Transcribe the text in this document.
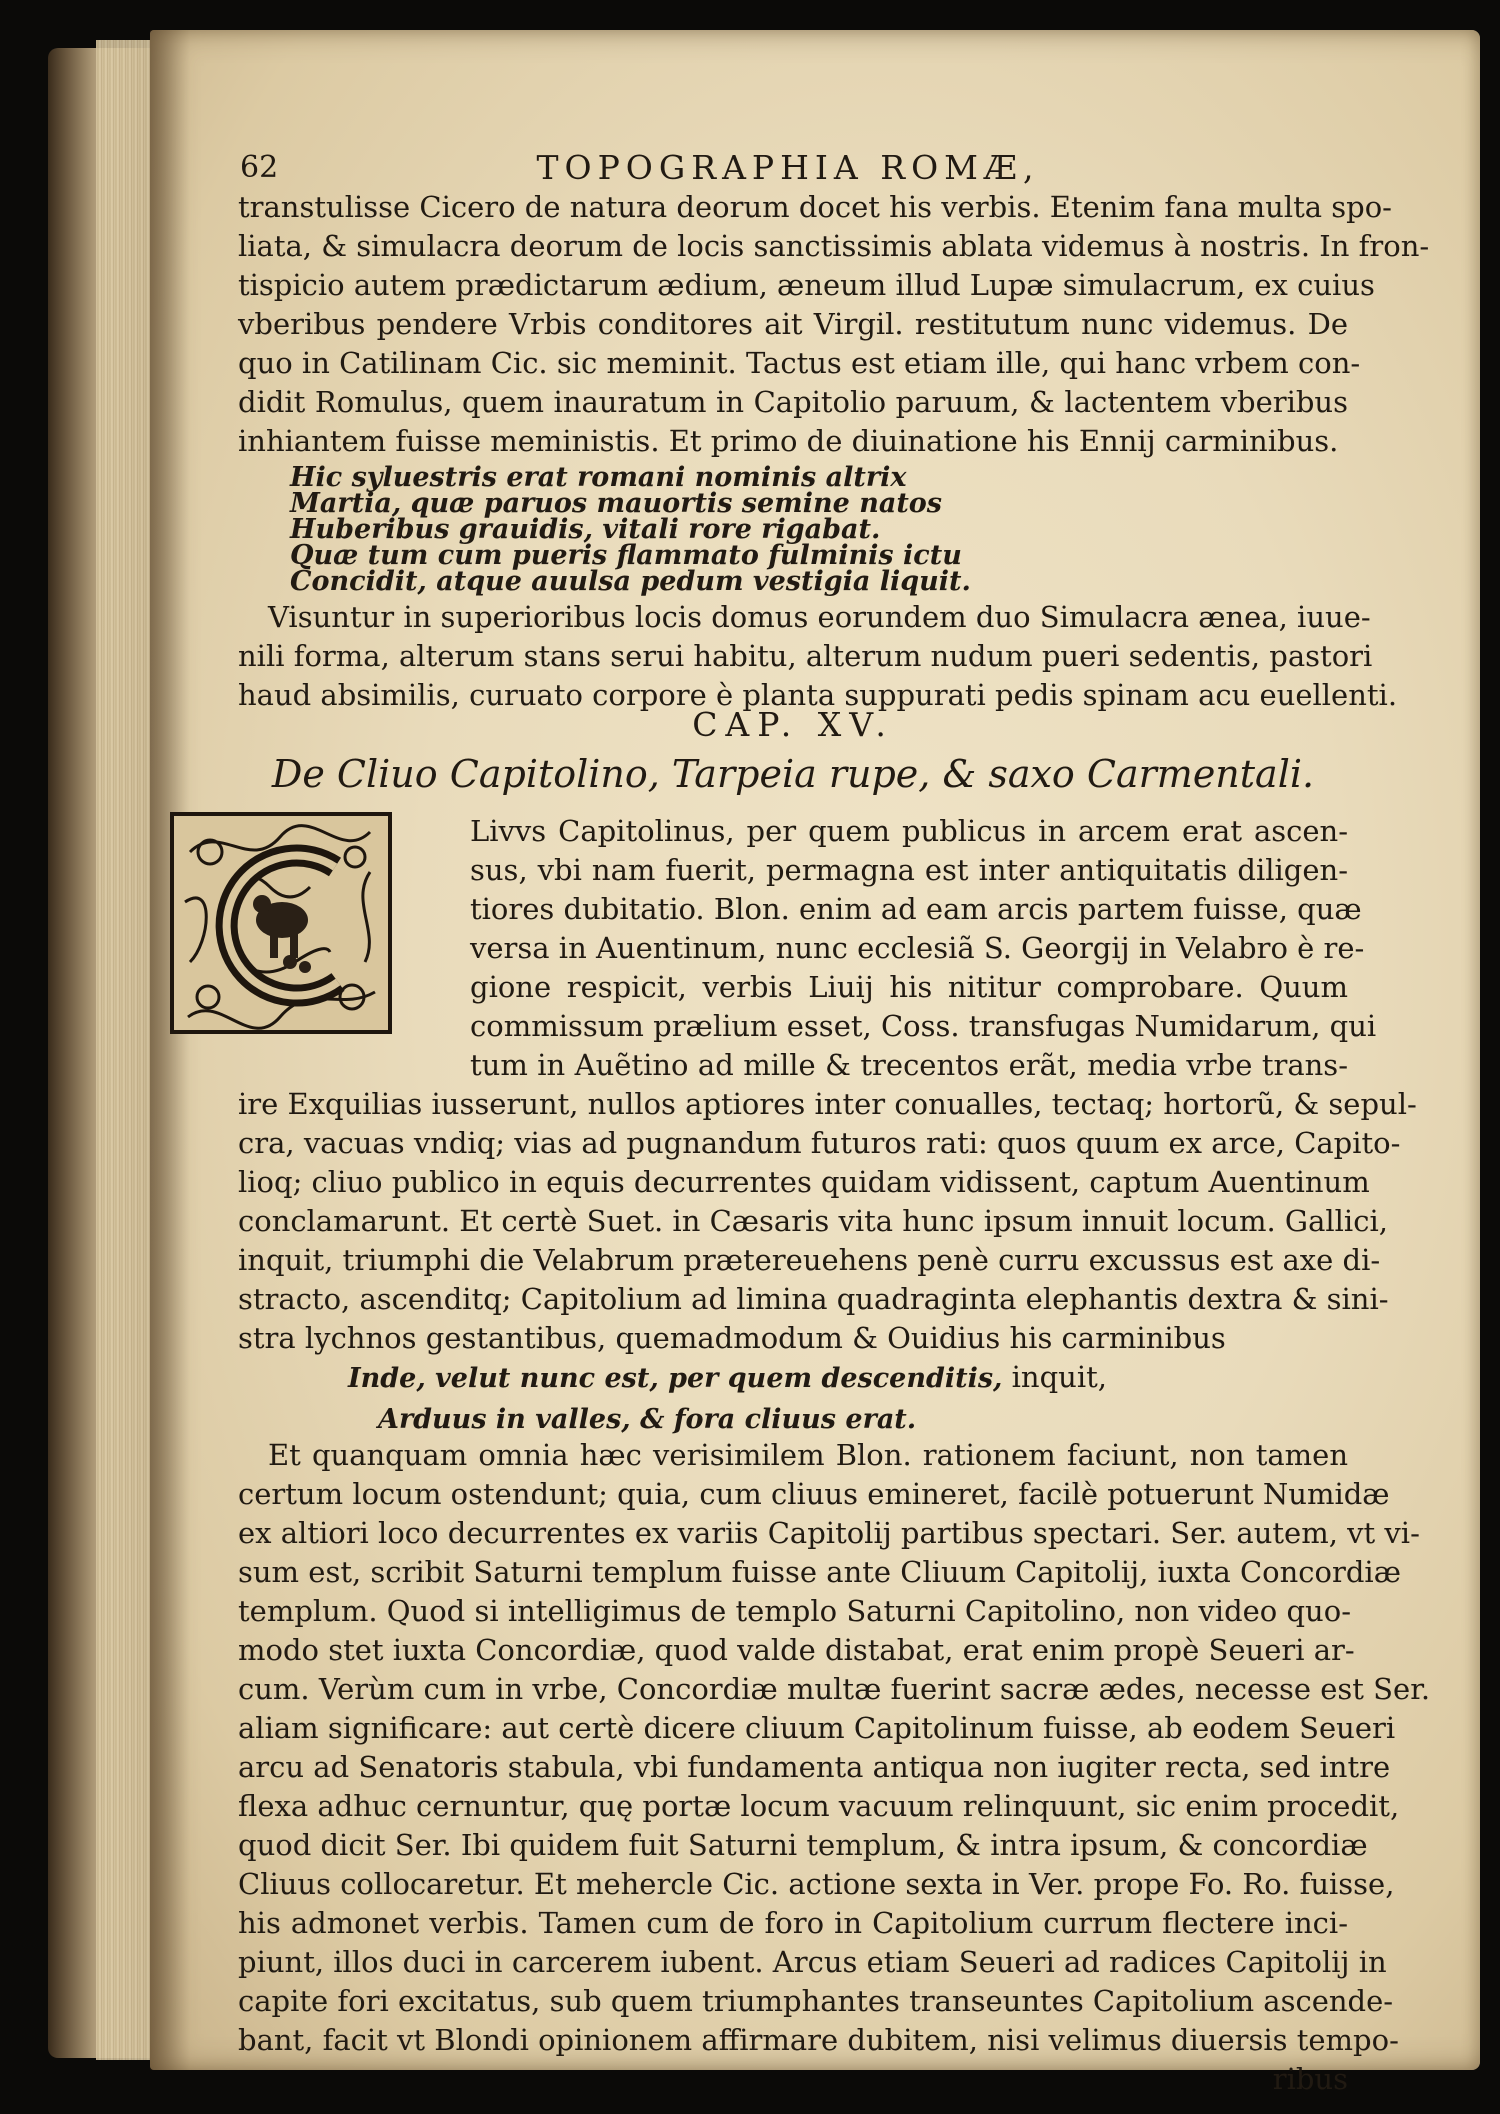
62	TOPOGRAPHIA ROMÆ,
transtulisse Cicero de natura deorum docet his verbis. Etenim fana multa spo-
liata, & simulacra deorum de locis sanctissimis ablata videmus à nostris. In fron-
tispicio autem prædictarum ædium, æneum illud Lupæ simulacrum, ex cuius
vberibus pendere Vrbis conditores ait Virgil. restitutum nunc videmus. De
quo in Catilinam Cic. sic meminit. Tactus est etiam ille, qui hanc vrbem con-
didit Romulus, quem inauratum in Capitolio paruum, & lactentem vberibus
inhiantem fuisse meministis. Et primo de diuinatione his Ennij carminibus.
Hic syluestris erat romani nominis altrix
Martia, quæ paruos mauortis semine natos
Huberibus grauidis, vitali rore rigabat.
Quæ tum cum pueris flammato fulminis ictu
Concidit, atque auulsa pedum vestigia liquit.
Visuntur in superioribus locis domus eorundem duo Simulacra ænea, iuue-
nili forma, alterum stans serui habitu, alterum nudum pueri sedentis, pastori
haud absimilis, curuato corpore è planta suppurati pedis spinam acu euellenti.
CAP. XV.
De Cliuo Capitolino, Tarpeia rupe, & saxo Carmentali.
Livvs Capitolinus, per quem publicus in arcem erat ascen-
sus, vbi nam fuerit, permagna est inter antiquitatis diligen-
tiores dubitatio. Blon. enim ad eam arcis partem fuisse, quæ
versa in Auentinum, nunc ecclesiã S. Georgij in Velabro è re-
gione respicit, verbis Liuij his nititur comprobare. Quum
commissum prælium esset, Coss. transfugas Numidarum, qui
tum in Auẽtino ad mille & trecentos erãt, media vrbe trans-
ire Exquilias iusserunt, nullos aptiores inter conualles, tectaq; hortorũ, & sepul-
cra, vacuas vndiq; vias ad pugnandum futuros rati: quos quum ex arce, Capito-
lioq; cliuo publico in equis decurrentes quidam vidissent, captum Auentinum
conclamarunt. Et certè Suet. in Cæsaris vita hunc ipsum innuit locum. Gallici,
inquit, triumphi die Velabrum prætereuehens penè curru excussus est axe di-
stracto, ascenditq; Capitolium ad limina quadraginta elephantis dextra & sini-
stra lychnos gestantibus, quemadmodum & Ouidius his carminibus
Inde, velut nunc est, per quem descenditis, inquit,
Arduus in valles, & fora cliuus erat.
Et quanquam omnia hæc verisimilem Blon. rationem faciunt, non tamen
certum locum ostendunt; quia, cum cliuus emineret, facilè potuerunt Numidæ
ex altiori loco decurrentes ex variis Capitolij partibus spectari. Ser. autem, vt vi-
sum est, scribit Saturni templum fuisse ante Cliuum Capitolij, iuxta Concordiæ
templum. Quod si intelligimus de templo Saturni Capitolino, non video quo-
modo stet iuxta Concordiæ, quod valde distabat, erat enim propè Seueri ar-
cum. Verùm cum in vrbe, Concordiæ multæ fuerint sacræ ædes, necesse est Ser.
aliam significare: aut certè dicere cliuum Capitolinum fuisse, ab eodem Seueri
arcu ad Senatoris stabula, vbi fundamenta antiqua non iugiter recta, sed intre
flexa adhuc cernuntur, quę portæ locum vacuum relinquunt, sic enim procedit,
quod dicit Ser. Ibi quidem fuit Saturni templum, & intra ipsum, & concordiæ
Cliuus collocaretur. Et mehercle Cic. actione sexta in Ver. prope Fo. Ro. fuisse,
his admonet verbis. Tamen cum de foro in Capitolium currum flectere inci-
piunt, illos duci in carcerem iubent. Arcus etiam Seueri ad radices Capitolij in
capite fori excitatus, sub quem triumphantes transeuntes Capitolium ascende-
bant, facit vt Blondi opinionem affirmare dubitem, nisi velimus diuersis tempo-
ribus
